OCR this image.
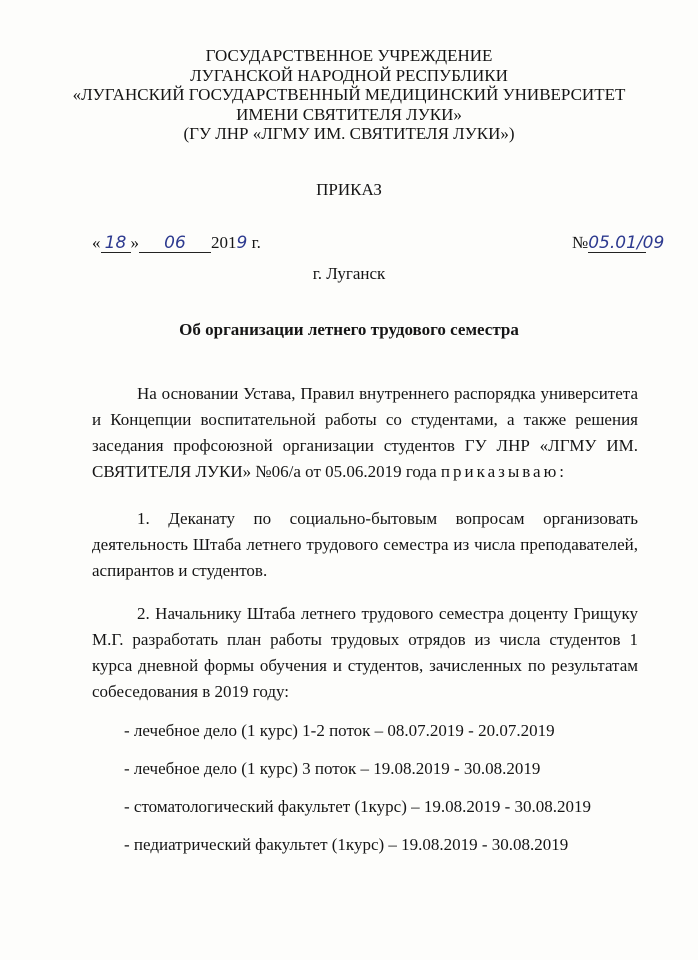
ГОСУДАРСТВЕННОЕ УЧРЕЖДЕНИЕ
ЛУГАНСКОЙ НАРОДНОЙ РЕСПУБЛИКИ
«ЛУГАНСКИЙ ГОСУДАРСТВЕННЫЙ МЕДИЦИНСКИЙ УНИВЕРСИТЕТ
ИМЕНИ СВЯТИТЕЛЯ ЛУКИ»
(ГУ ЛНР «ЛГМУ ИМ. СВЯТИТЕЛЯ ЛУКИ»)
ПРИКАЗ
« 18 » 06 2019 г.	№05.01/09
г. Луганск
Об организации летнего трудового семестра
На основании Устава, Правил внутреннего распорядка университета и Концепции воспитательной работы со студентами, а также решения заседания профсоюзной организации студентов ГУ ЛНР «ЛГМУ ИМ. СВЯТИТЕЛЯ ЛУКИ» №06/а от 05.06.2019 года приказываю:
1. Деканату по социально-бытовым вопросам организовать деятельность Штаба летнего трудового семестра из числа преподавателей, аспирантов и студентов.
2. Начальнику Штаба летнего трудового семестра доценту Грищуку М.Г. разработать план работы трудовых отрядов из числа студентов 1 курса дневной формы обучения и студентов, зачисленных по результатам собеседования в 2019 году:
- лечебное дело (1 курс) 1-2 поток – 08.07.2019 - 20.07.2019
- лечебное дело (1 курс) 3 поток – 19.08.2019 - 30.08.2019
- стоматологический факультет (1курс) – 19.08.2019 - 30.08.2019
- педиатрический факультет (1курс) – 19.08.2019 - 30.08.2019
